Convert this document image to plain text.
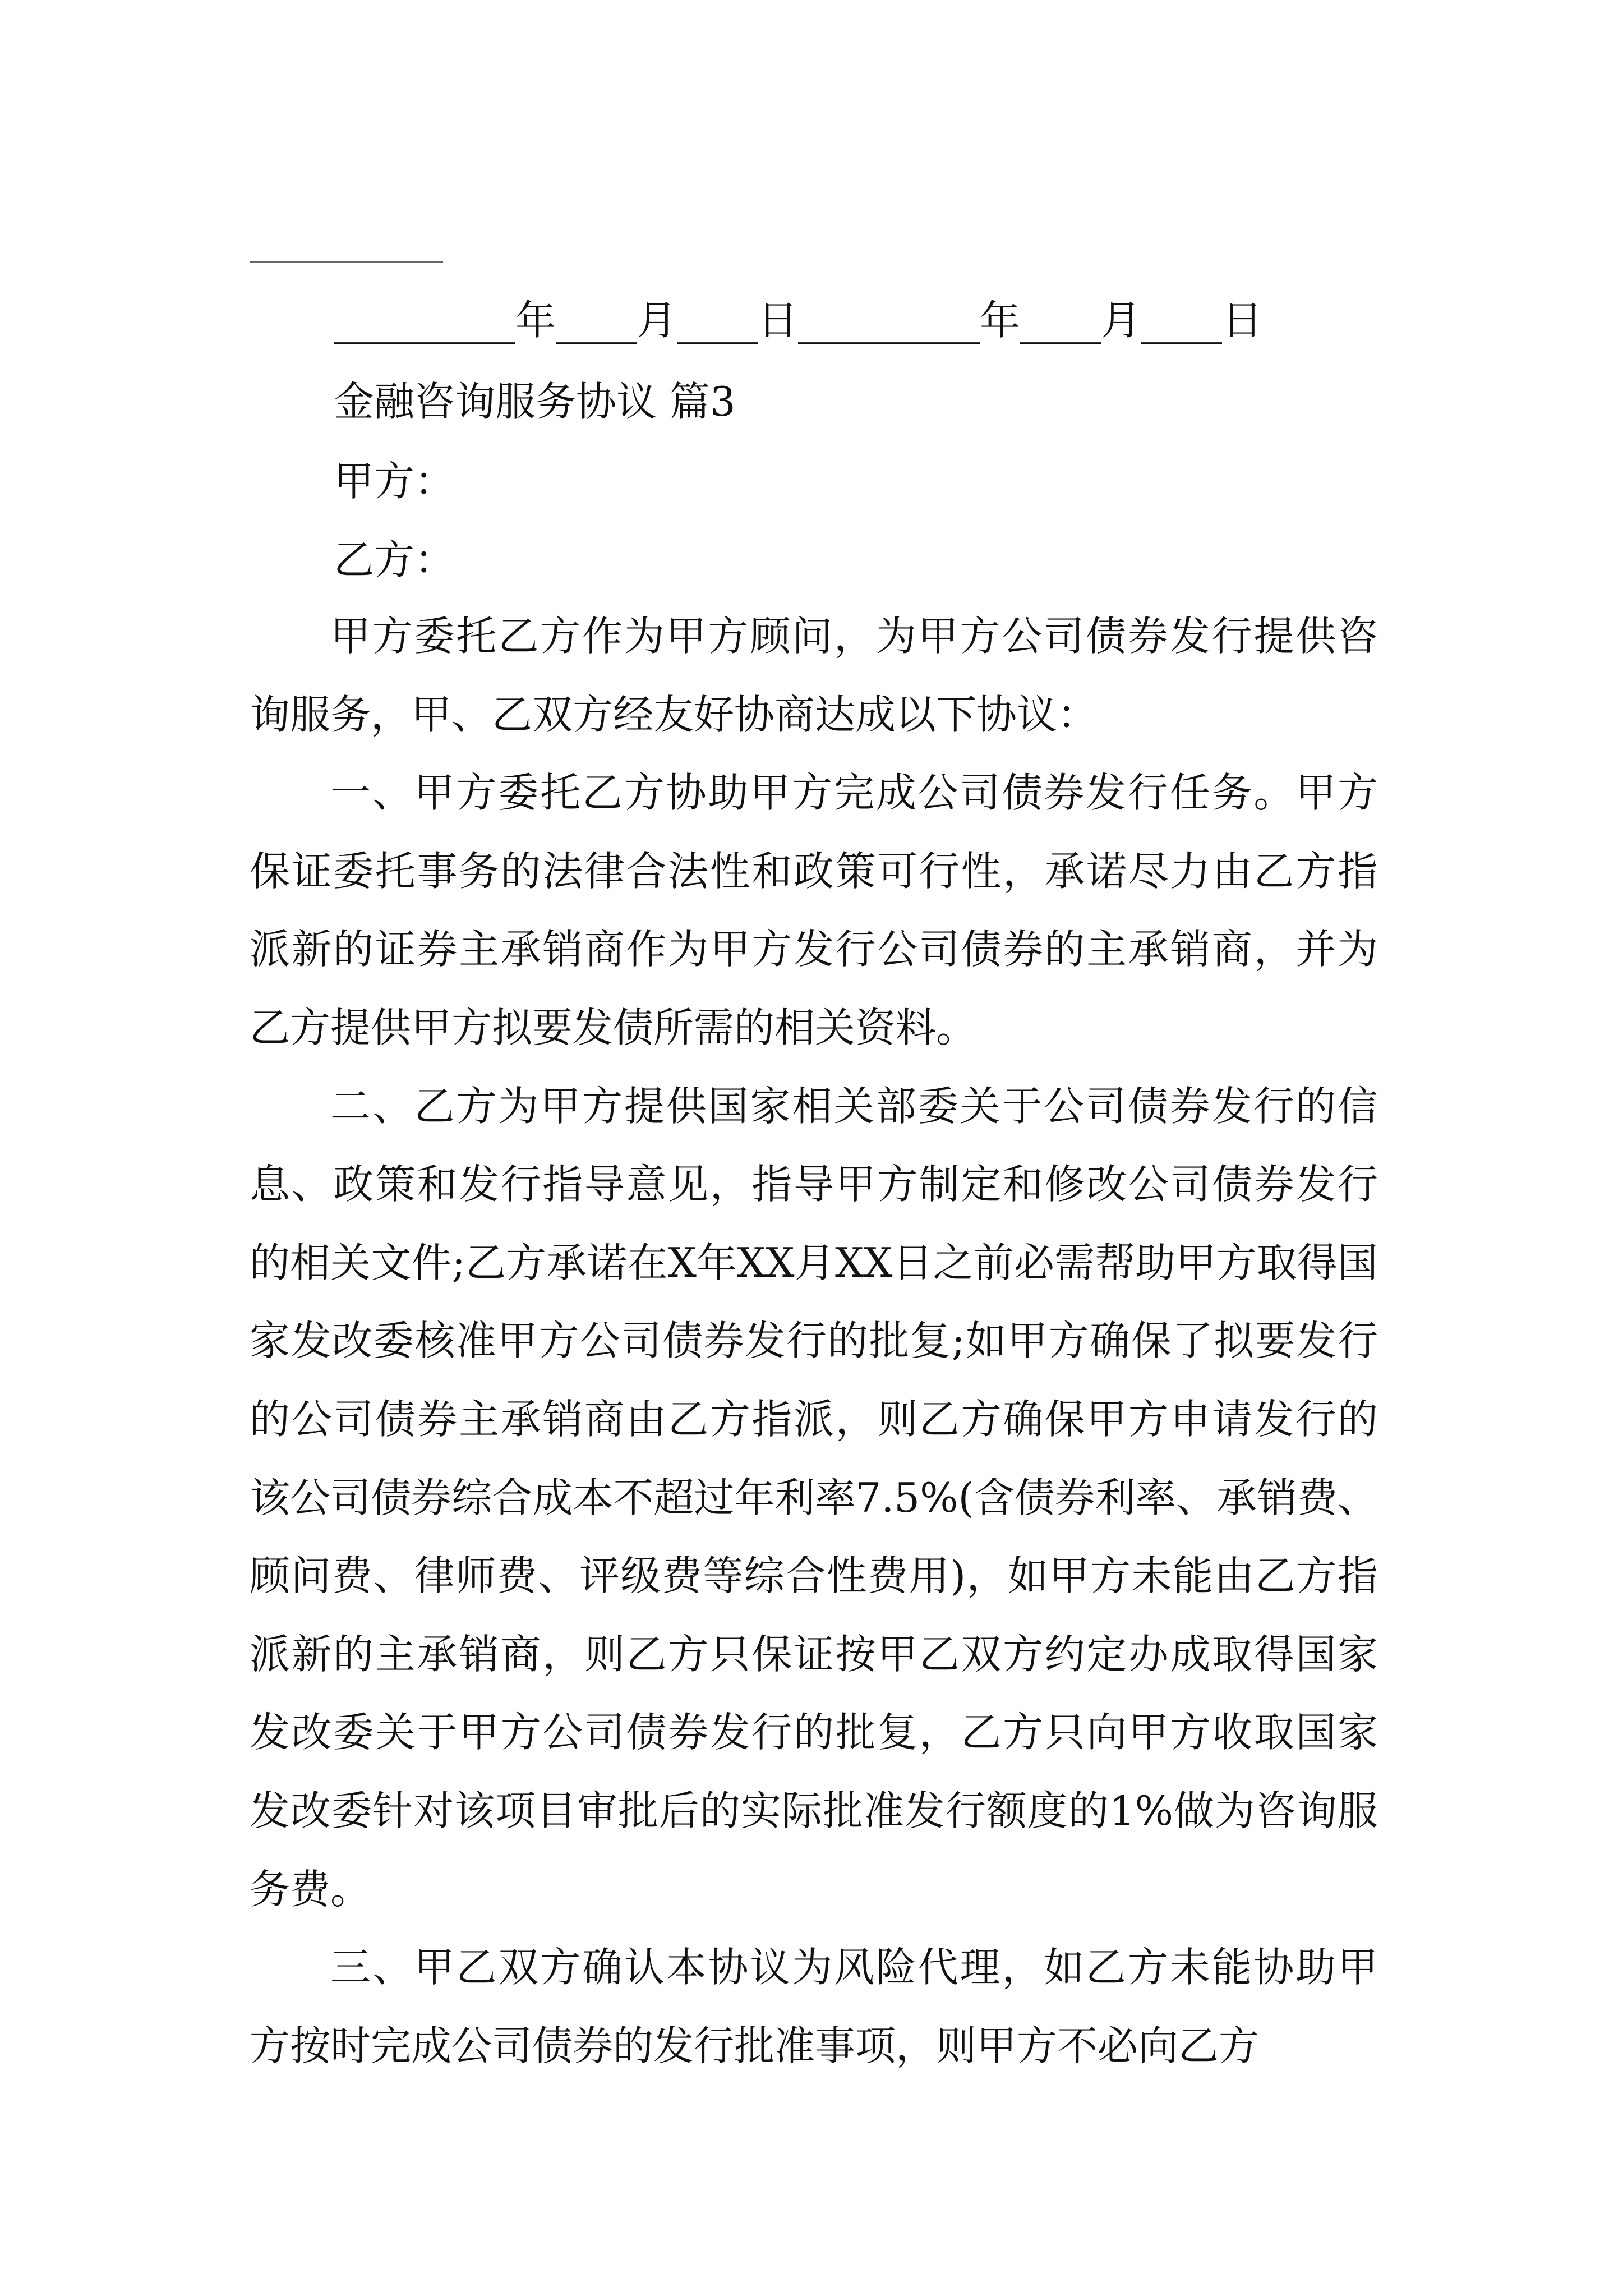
_________年____月____日_________年____月____日
金融咨询服务协议 篇3
甲方：
乙方：

甲方委托乙方作为甲方顾问，为甲方公司债券发行提供咨询服务，甲、乙双方经友好协商达成以下协议：

一、甲方委托乙方协助甲方完成公司债券发行任务。甲方保证委托事务的法律合法性和政策可行性，承诺尽力由乙方指派新的证券主承销商作为甲方发行公司债券的主承销商，并为乙方提供甲方拟要发债所需的相关资料。

二、乙方为甲方提供国家相关部委关于公司债券发行的信息、政策和发行指导意见，指导甲方制定和修改公司债券发行的相关文件;乙方承诺在X年XX月XX日之前必需帮助甲方取得国家发改委核准甲方公司债券发行的批复;如甲方确保了拟要发行的公司债券主承销商由乙方指派，则乙方确保甲方申请发行的该公司债券综合成本不超过年利率7.5%(含债券利率、承销费、顾问费、律师费、评级费等综合性费用)，如甲方未能由乙方指派新的主承销商，则乙方只保证按甲乙双方约定办成取得国家发改委关于甲方公司债券发行的批复，乙方只向甲方收取国家发改委针对该项目审批后的实际批准发行额度的1%做为咨询服务费。

三、甲乙双方确认本协议为风险代理，如乙方未能协助甲方按时完成公司债券的发行批准事项，则甲方不必向乙方
